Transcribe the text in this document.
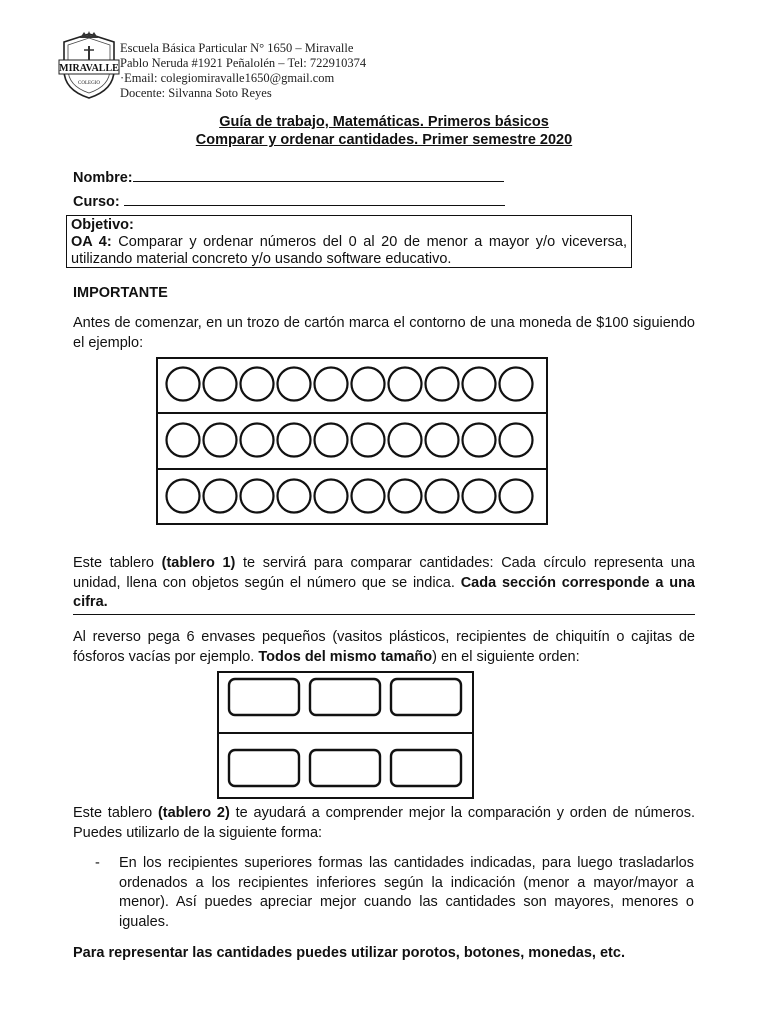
MIRAVALLE
COLEGIO
Escuela Básica Particular N° 1650 – Miravalle
Pablo Neruda #1921 Peñalolén – Tel: 722910374
·Email: colegiomiravalle1650@gmail.com
Docente: Silvanna Soto Reyes
Guía de trabajo, Matemáticas. Primeros básicos
Comparar y ordenar cantidades. Primer semestre 2020
Nombre:
Curso:
Objetivo:
OA 4: Comparar y ordenar números del 0 al 20 de menor a mayor y/o viceversa, utilizando material concreto y/o usando software educativo.
IMPORTANTE
Antes de comenzar, en un trozo de cartón marca el contorno de una moneda de $100 siguiendo el ejemplo:
Este tablero (tablero 1) te servirá para comparar cantidades: Cada círculo representa una unidad, llena con objetos según el número que se indica. Cada sección corresponde a una cifra.
Al reverso pega 6 envases pequeños (vasitos plásticos, recipientes de chiquitín o cajitas de fósforos vacías por ejemplo. Todos del mismo tamaño) en el siguiente orden:
Este tablero (tablero 2) te ayudará a comprender mejor la comparación y orden de números. Puedes utilizarlo de la siguiente forma:
- En los recipientes superiores formas las cantidades indicadas, para luego trasladarlos ordenados a los recipientes inferiores según la indicación (menor a mayor/mayor a menor). Así puedes apreciar mejor cuando las cantidades son mayores, menores o iguales.
Para representar las cantidades puedes utilizar porotos, botones, monedas, etc.
